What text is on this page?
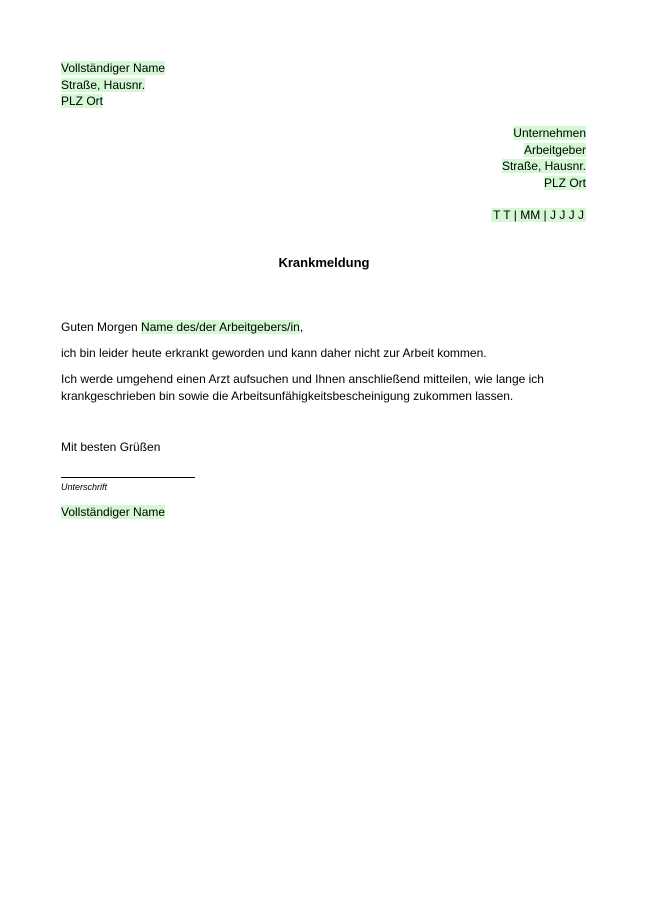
Vollständiger Name
Straße, Hausnr.
PLZ Ort
Unternehmen
Arbeitgeber
Straße, Hausnr.
PLZ Ort
T T | MM | J J J J
Krankmeldung
Guten Morgen Name des/der Arbeitgebers/in,
ich bin leider heute erkrankt geworden und kann daher nicht zur Arbeit kommen.
Ich werde umgehend einen Arzt aufsuchen und Ihnen anschließend mitteilen, wie lange ich
krankgeschrieben bin sowie die Arbeitsunfähigkeitsbescheinigung zukommen lassen.
Mit besten Grüßen
Unterschrift
Vollständiger Name
